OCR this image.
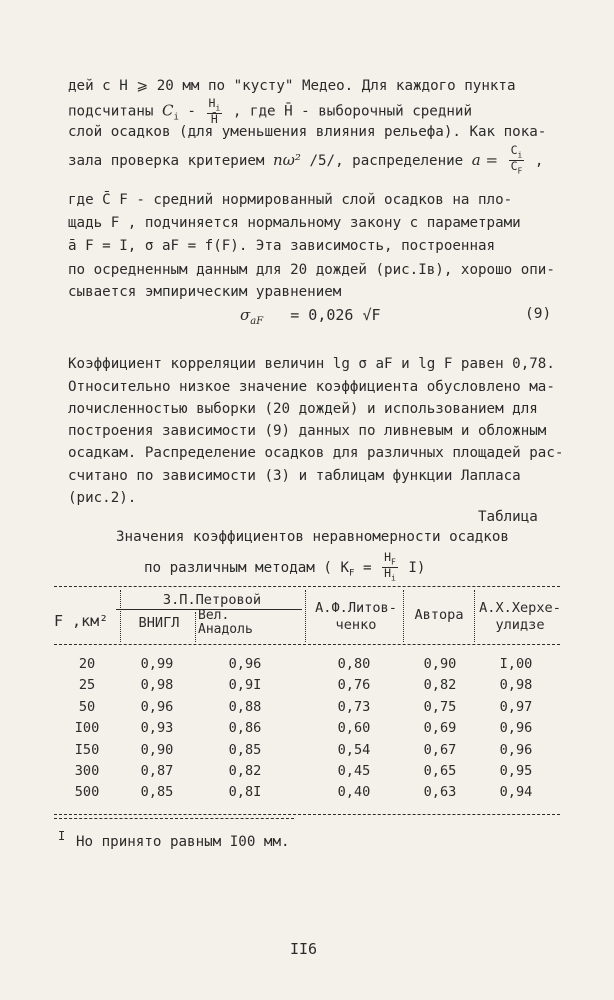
дей с H ⩾ 20 мм по "кусту" Медео. Для каждого пункта
подсчитаны $C_i - \frac{H_i}{H̄}$ , где H̄ - выборочный средний
слой осадков (для уменьшения влияния рельефа). Как пока-
зала проверка критерием nω² /5/, распределение $a = \frac{C_i}{C_F}$ ,
где C̄ F - средний нормированный слой осадков на пло-
щадь F , подчиняется нормальному закону с параметрами
ā F = I, σ aF = f(F). Эта зависимость, построенная
по осредненным данным для 20 дождей (рис.Iв), хорошо опи-
сывается эмпирическим уравнением
$\sigma_{aF} = 0,026$ √F	(9)
Коэффициент корреляции величин lg σ aF и lg F равен 0,78.
Относительно низкое значение коэффициента обусловлено ма-
лочисленностью выборки (20 дождей) и использованием для
построения зависимости (9) данных по ливневым и обложным
осадкам. Распределение осадков для различных площадей рас-
считано по зависимости (3) и таблицам функции Лапласа
(рис.2).
Таблица
Значения коэффициентов неравномерности осадков
по различным методам ( $K_F = \frac{H_F}{H_i} I$)
F ,км²
З.П.Петровой
ВНИГЛ	Вел.
Анадоль
А.Ф.Литов-
ченко
Автора	А.Х.Херхе-
улидзе
20	0,99	0,96	0,80	0,90	I,00
25	0,98	0,9I	0,76	0,82	0,98
50	0,96	0,88	0,73	0,75	0,97
I00	0,93	0,86	0,60	0,69	0,96
I50	0,90	0,85	0,54	0,67	0,96
300	0,87	0,82	0,45	0,65	0,95
500	0,85	0,8I	0,40	0,63	0,94
I Но принято равным I00 мм.
II6
